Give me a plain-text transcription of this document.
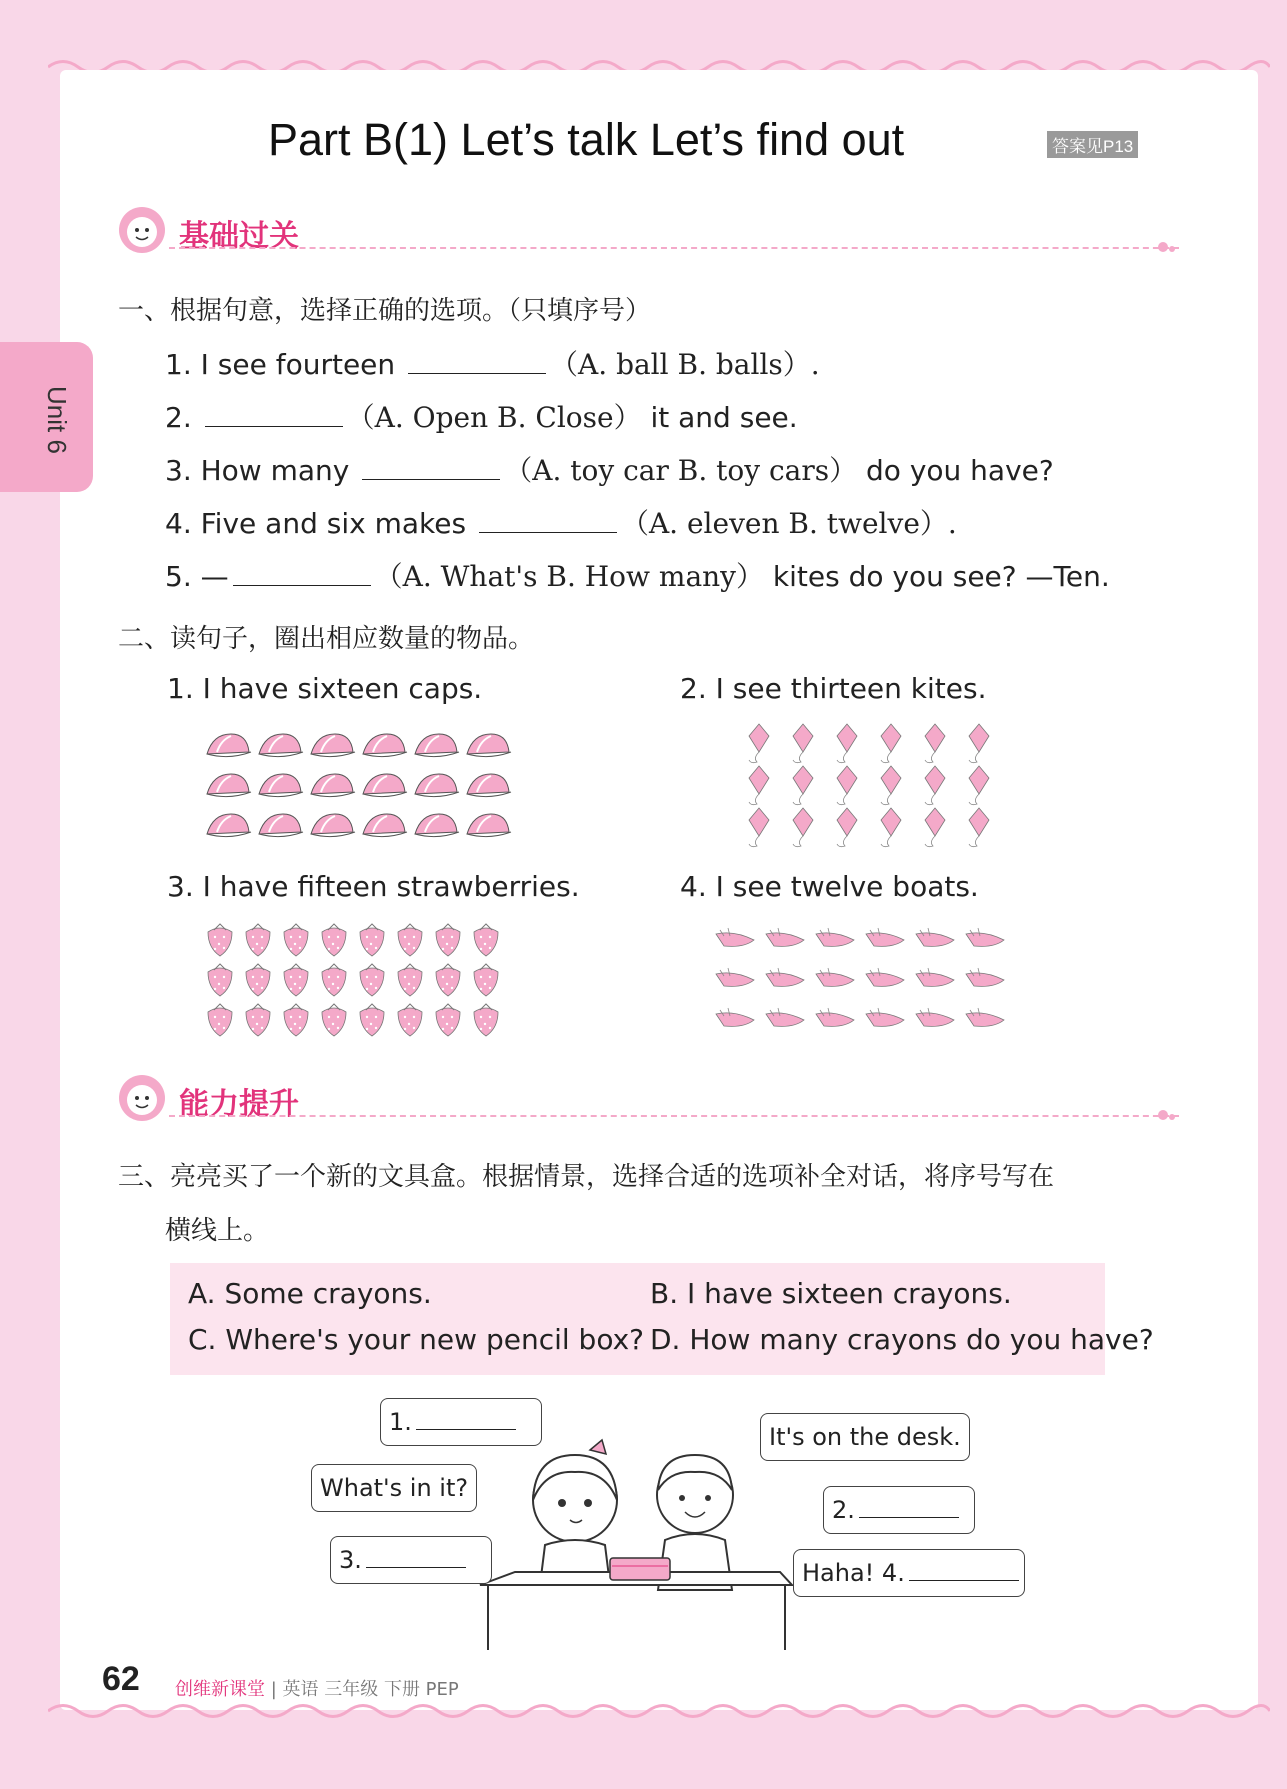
Unit 6
Part B(1) Let’s talk Let’s find out	答案见P13
基础过关
一、根据句意，选择正确的选项。（只填序号）
1. I see fourteen	（A. ball B. balls）.
2.	（A. Open B. Close） it and see.
3. How many	（A. toy car B. toy cars） do you have?
4. Five and six makes	（A. eleven B. twelve）.
5. —	（A. What's B. How many） kites do you see? —Ten.
二、读句子，圈出相应数量的物品。
1. I have sixteen caps.	2. I see thirteen kites.
3. I have fifteen strawberries.	4. I see twelve boats.
能力提升
三、亮亮买了一个新的文具盒。根据情景，选择合适的选项补全对话，将序号写在
横线上。
A. Some crayons.	B. I have sixteen crayons.
C. Where's your new pencil box? D. How many crayons do you have?
1.
What's in it?
3.
It's on the desk.
2.
Haha! 4.
62 创维新课堂 | 英语 三年级 下册 PEP
